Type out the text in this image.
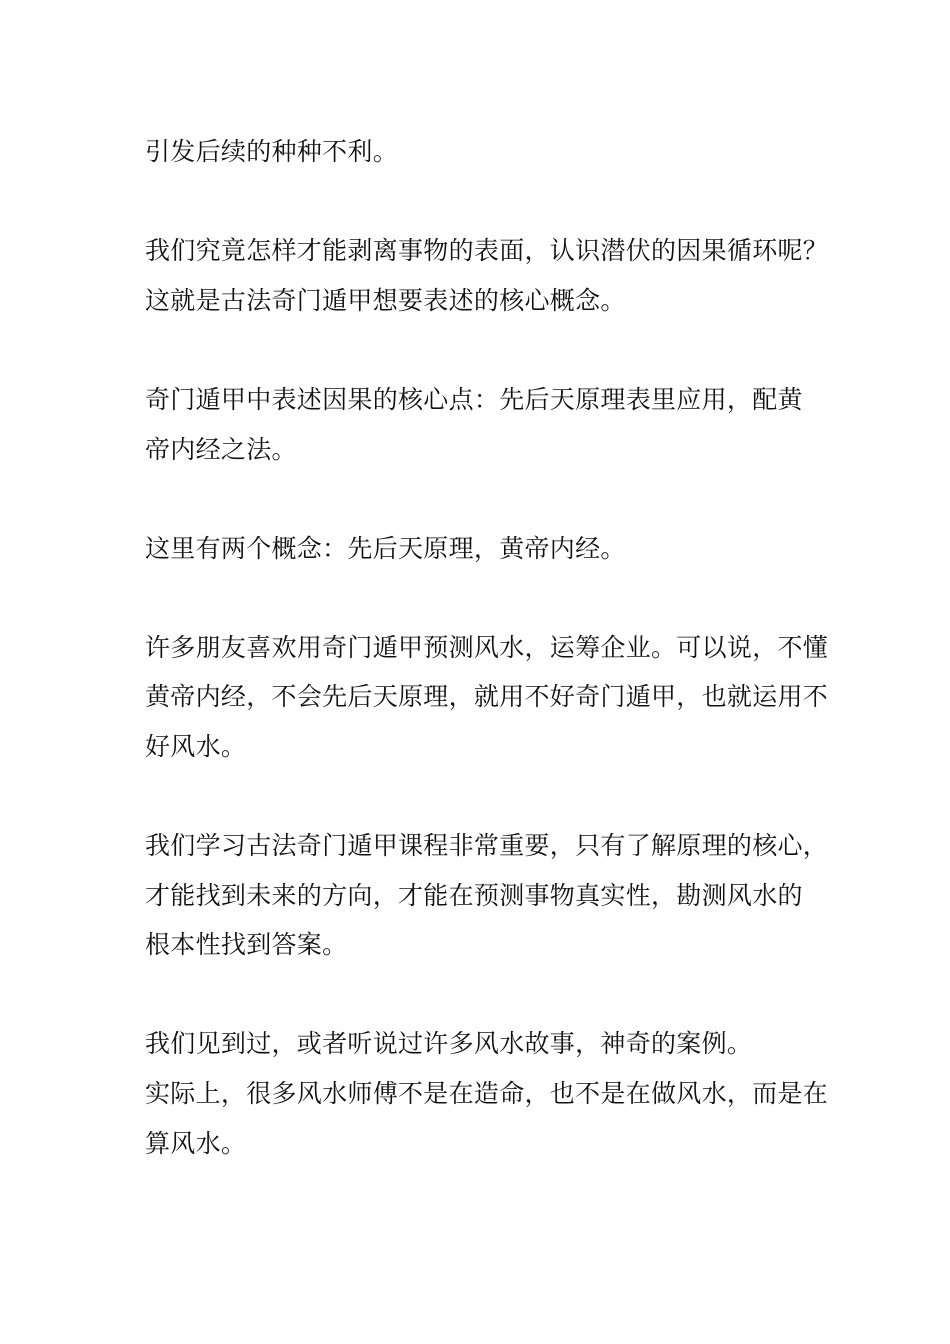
引发后续的种种不利。
我们究竟怎样才能剥离事物的表面，认识潜伏的因果循环呢？
这就是古法奇门遁甲想要表述的核心概念。
奇门遁甲中表述因果的核心点：先后天原理表里应用，配黄
帝内经之法。
这里有两个概念：先后天原理，黄帝内经。
许多朋友喜欢用奇门遁甲预测风水，运筹企业。可以说，不懂
黄帝内经，不会先后天原理，就用不好奇门遁甲，也就运用不
好风水。
我们学习古法奇门遁甲课程非常重要，只有了解原理的核心，
才能找到未来的方向，才能在预测事物真实性，勘测风水的
根本性找到答案。
我们见到过，或者听说过许多风水故事，神奇的案例。
实际上，很多风水师傅不是在造命，也不是在做风水，而是在
算风水。
